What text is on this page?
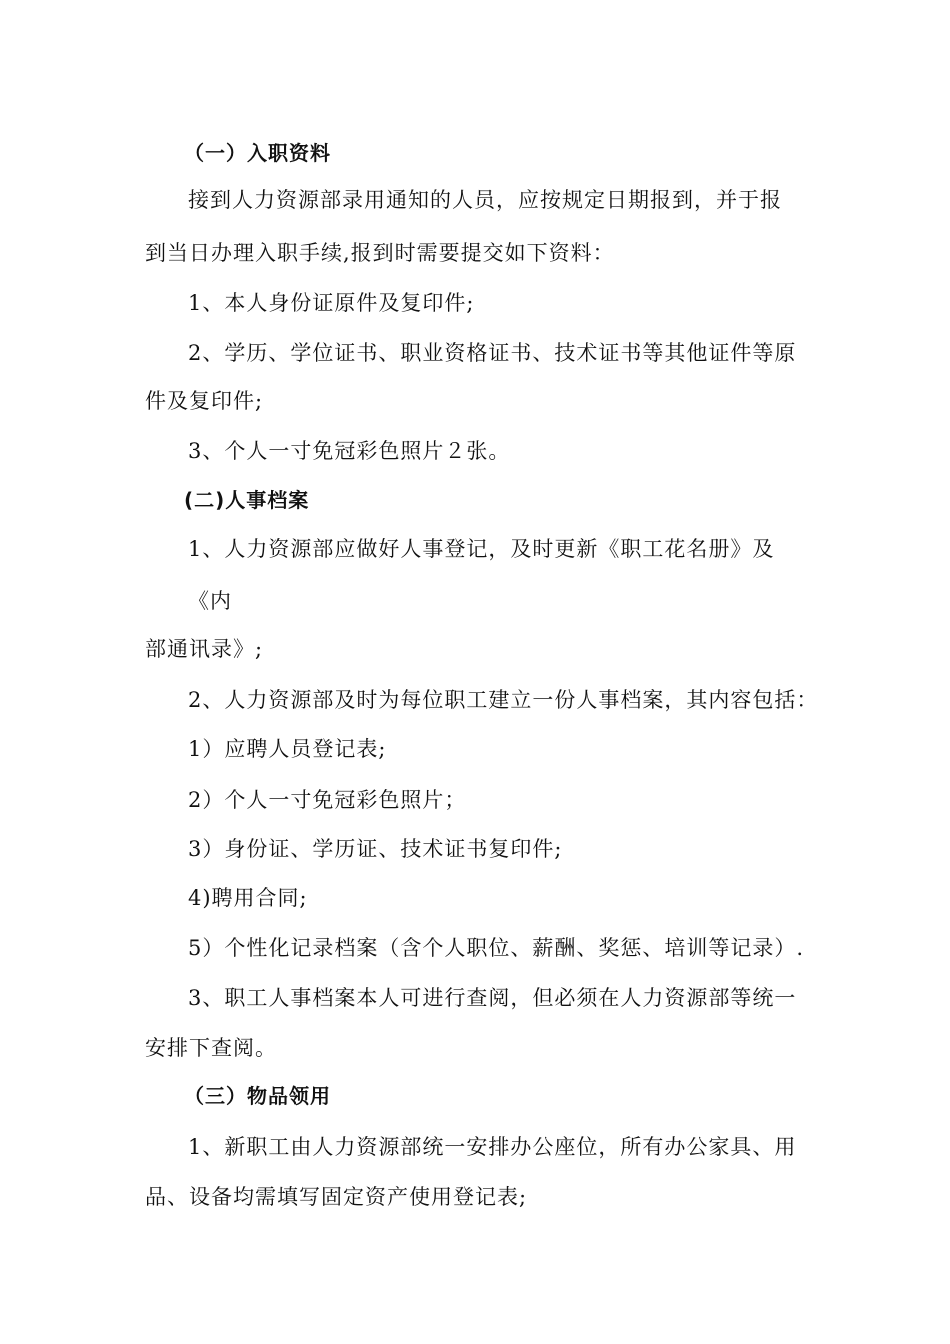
（一）入职资料
接到人力资源部录用通知的人员，应按规定日期报到，并于报
到当日办理入职手续,报到时需要提交如下资料：
1、本人身份证原件及复印件;
2、学历、学位证书、职业资格证书、技术证书等其他证件等原
件及复印件;
3、个人一寸免冠彩色照片２张。
(二)人事档案
1、人力资源部应做好人事登记，及时更新《职工花名册》及
《内
部通讯录》;
2、人力资源部及时为每位职工建立一份人事档案，其内容包括：
1）应聘人员登记表;
2）个人一寸免冠彩色照片；
3）身份证、学历证、技术证书复印件;
4)聘用合同;
5）个性化记录档案（含个人职位、薪酬、奖惩、培训等记录）.
3、职工人事档案本人可进行查阅，但必须在人力资源部等统一
安排下查阅。
（三）物品领用
1、新职工由人力资源部统一安排办公座位，所有办公家具、用
品、设备均需填写固定资产使用登记表;
